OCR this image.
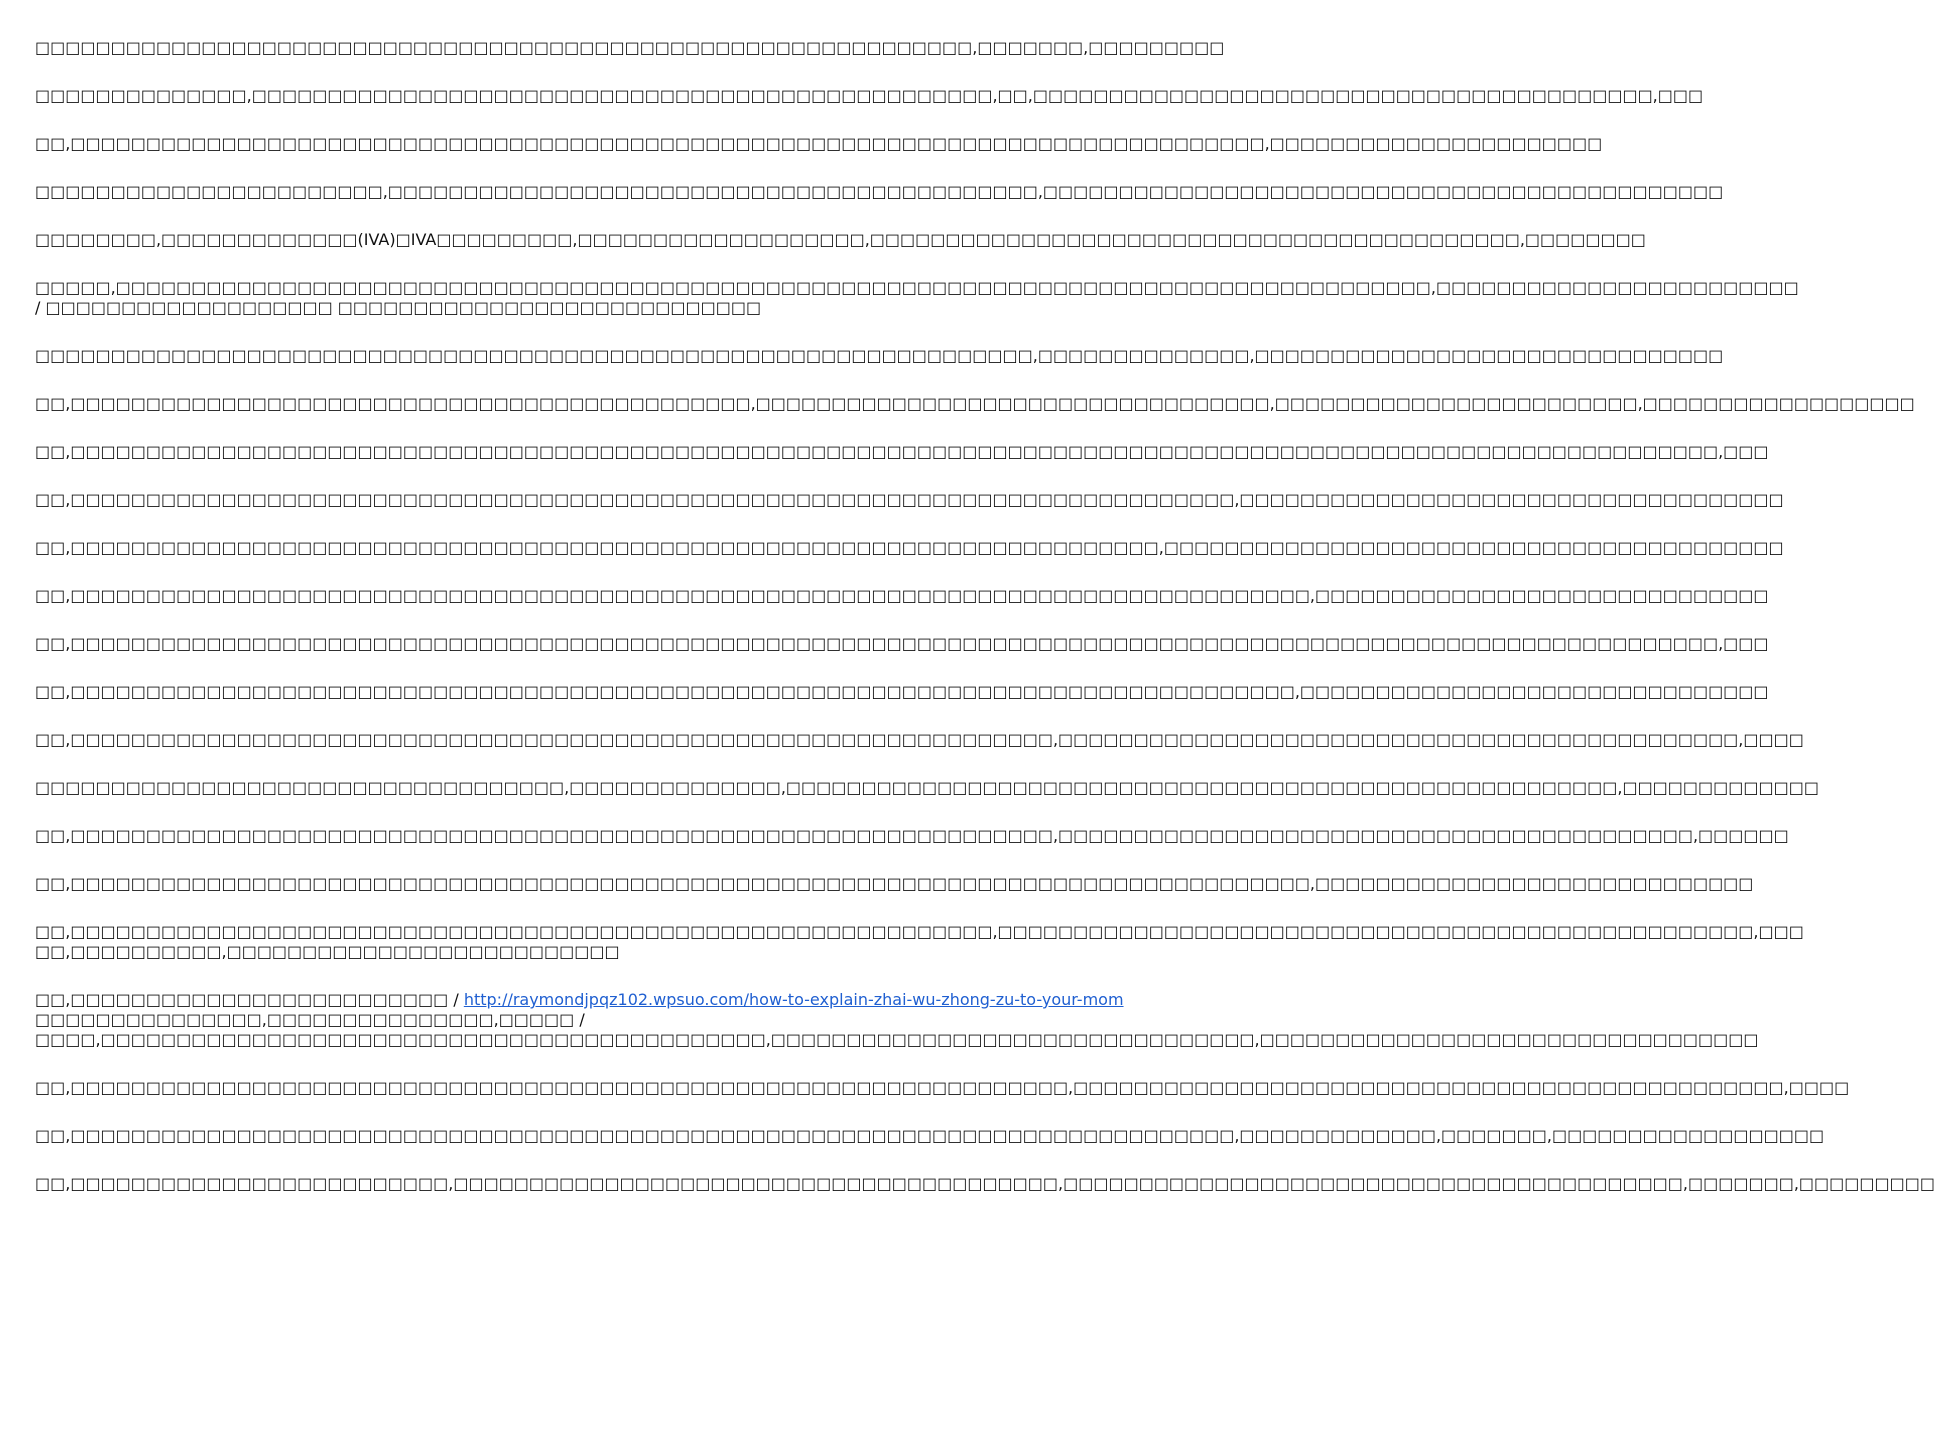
□□□□□□□□□□□□□□□□□□□□□□□□□□□□□□□□□□□□□□□□□□□□□□□□□□□□□□□□□□□□□□,□□□□□□□,□□□□□□□□□

□□□□□□□□□□□□□□,□□□□□□□□□□□□□□□□□□□□□□□□□□□□□□□□□□□□□□□□□□□□□□□□□,□□,□□□□□□□□□□□□□□□□□□□□□□□□□□□□□□□□□□□□□□□□□,□□□

□□,□□□□□□□□□□□□□□□□□□□□□□□□□□□□□□□□□□□□□□□□□□□□□□□□□□□□□□□□□□□□□□□□□□□□□□□□□□□□□□□,□□□□□□□□□□□□□□□□□□□□□□

□□□□□□□□□□□□□□□□□□□□□□□,□□□□□□□□□□□□□□□□□□□□□□□□□□□□□□□□□□□□□□□□□□□,□□□□□□□□□□□□□□□□□□□□□□□□□□□□□□□□□□□□□□□□□□□□□

□□□□□□□□,□□□□□□□□□□□□□(IVA)□IVA□□□□□□□□□,□□□□□□□□□□□□□□□□□□□,□□□□□□□□□□□□□□□□□□□□□□□□□□□□□□□□□□□□□□□□□□□,□□□□□□□□

□□□□□,□□□□□□□□□□□□□□□□□□□□□□□□□□□□□□□□□□□□□□□□□□□□□□□□□□□□□□□□□□□□□□□□□□□□□□□□□□□□□□□□□□□□□□□,□□□□□□□□□□□□□□□□□□□□□□□□
/ □□□□□□□□□□□□□□□□□□□ □□□□□□□□□□□□□□□□□□□□□□□□□□□□

□□□□□□□□□□□□□□□□□□□□□□□□□□□□□□□□□□□□□□□□□□□□□□□□□□□□□□□□□□□□□□□□□□,□□□□□□□□□□□□□□,□□□□□□□□□□□□□□□□□□□□□□□□□□□□□□□

□□,□□□□□□□□□□□□□□□□□□□□□□□□□□□□□□□□□□□□□□□□□□□□□,□□□□□□□□□□□□□□□□□□□□□□□□□□□□□□□□□□,□□□□□□□□□□□□□□□□□□□□□□□□,□□□□□□□□□□□□□□□□□□

□□,□□□□□□□□□□□□□□□□□□□□□□□□□□□□□□□□□□□□□□□□□□□□□□□□□□□□□□□□□□□□□□□□□□□□□□□□□□□□□□□□□□□□□□□□□□□□□□□□□□□□□□□□□□□□□,□□□

□□,□□□□□□□□□□□□□□□□□□□□□□□□□□□□□□□□□□□□□□□□□□□□□□□□□□□□□□□□□□□□□□□□□□□□□□□□□□□□□,□□□□□□□□□□□□□□□□□□□□□□□□□□□□□□□□□□□□

□□,□□□□□□□□□□□□□□□□□□□□□□□□□□□□□□□□□□□□□□□□□□□□□□□□□□□□□□□□□□□□□□□□□□□□□□□□,□□□□□□□□□□□□□□□□□□□□□□□□□□□□□□□□□□□□□□□□□

□□,□□□□□□□□□□□□□□□□□□□□□□□□□□□□□□□□□□□□□□□□□□□□□□□□□□□□□□□□□□□□□□□□□□□□□□□□□□□□□□□□□□,□□□□□□□□□□□□□□□□□□□□□□□□□□□□□□

□□,□□□□□□□□□□□□□□□□□□□□□□□□□□□□□□□□□□□□□□□□□□□□□□□□□□□□□□□□□□□□□□□□□□□□□□□□□□□□□□□□□□□□□□□□□□□□□□□□□□□□□□□□□□□□□,□□□

□□,□□□□□□□□□□□□□□□□□□□□□□□□□□□□□□□□□□□□□□□□□□□□□□□□□□□□□□□□□□□□□□□□□□□□□□□□□□□□□□□□□,□□□□□□□□□□□□□□□□□□□□□□□□□□□□□□□

□□,□□□□□□□□□□□□□□□□□□□□□□□□□□□□□□□□□□□□□□□□□□□□□□□□□□□□□□□□□□□□□□□□□,□□□□□□□□□□□□□□□□□□□□□□□□□□□□□□□□□□□□□□□□□□□□□,□□□□

□□□□□□□□□□□□□□□□□□□□□□□□□□□□□□□□□□□,□□□□□□□□□□□□□□,□□□□□□□□□□□□□□□□□□□□□□□□□□□□□□□□□□□□□□□□□□□□□□□□□□□□□□□,□□□□□□□□□□□□□

□□,□□□□□□□□□□□□□□□□□□□□□□□□□□□□□□□□□□□□□□□□□□□□□□□□□□□□□□□□□□□□□□□□□,□□□□□□□□□□□□□□□□□□□□□□□□□□□□□□□□□□□□□□□□□□,□□□□□□

□□,□□□□□□□□□□□□□□□□□□□□□□□□□□□□□□□□□□□□□□□□□□□□□□□□□□□□□□□□□□□□□□□□□□□□□□□□□□□□□□□□□□,□□□□□□□□□□□□□□□□□□□□□□□□□□□□□

□□,□□□□□□□□□□□□□□□□□□□□□□□□□□□□□□□□□□□□□□□□□□□□□□□□□□□□□□□□□□□□□,□□□□□□□□□□□□□□□□□□□□□□□□□□□□□□□□□□□□□□□□□□□□□□□□□□,□□□
□□,□□□□□□□□□□,□□□□□□□□□□□□□□□□□□□□□□□□□□

□□,□□□□□□□□□□□□□□□□□□□□□□□□□ / http://raymondjpqz102.wpsuo.com/how-to-explain-zhai-wu-zhong-zu-to-your-mom
□□□□□□□□□□□□□□□,□□□□□□□□□□□□□□□,□□□□□ /
□□□□,□□□□□□□□□□□□□□□□□□□□□□□□□□□□□□□□□□□□□□□□□□□□,□□□□□□□□□□□□□□□□□□□□□□□□□□□□□□□□,□□□□□□□□□□□□□□□□□□□□□□□□□□□□□□□□□

□□,□□□□□□□□□□□□□□□□□□□□□□□□□□□□□□□□□□□□□□□□□□□□□□□□□□□□□□□□□□□□□□□□□□,□□□□□□□□□□□□□□□□□□□□□□□□□□□□□□□□□□□□□□□□□□□□□□□,□□□□

□□,□□□□□□□□□□□□□□□□□□□□□□□□□□□□□□□□□□□□□□□□□□□□□□□□□□□□□□□□□□□□□□□□□□□□□□□□□□□□□,□□□□□□□□□□□□□,□□□□□□□,□□□□□□□□□□□□□□□□□□

□□,□□□□□□□□□□□□□□□□□□□□□□□□□,□□□□□□□□□□□□□□□□□□□□□□□□□□□□□□□□□□□□□□□□,□□□□□□□□□□□□□□□□□□□□□□□□□□□□□□□□□□□□□□□□□,□□□□□□□,□□□□□□□□□
